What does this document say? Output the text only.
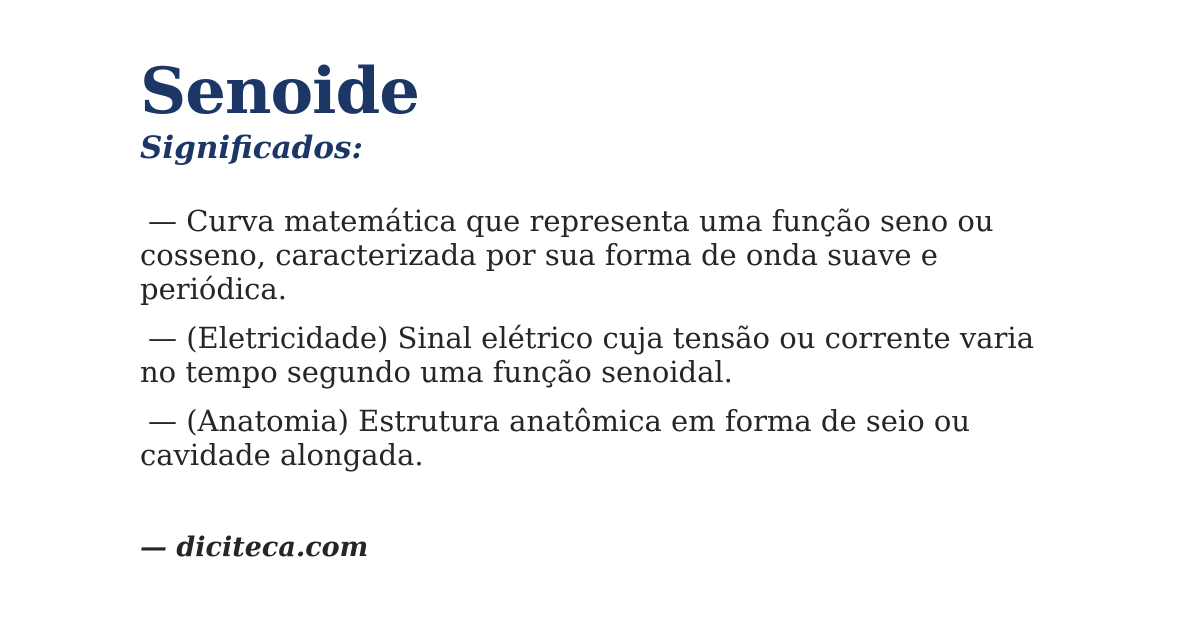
Senoide
Significados:

— Curva matemática que representa uma função seno ou cosseno, caracterizada por sua forma de onda suave e periódica.

— (Eletricidade) Sinal elétrico cuja tensão ou corrente varia no tempo segundo uma função senoidal.

— (Anatomia) Estrutura anatômica em forma de seio ou cavidade alongada.

— diciteca.com
